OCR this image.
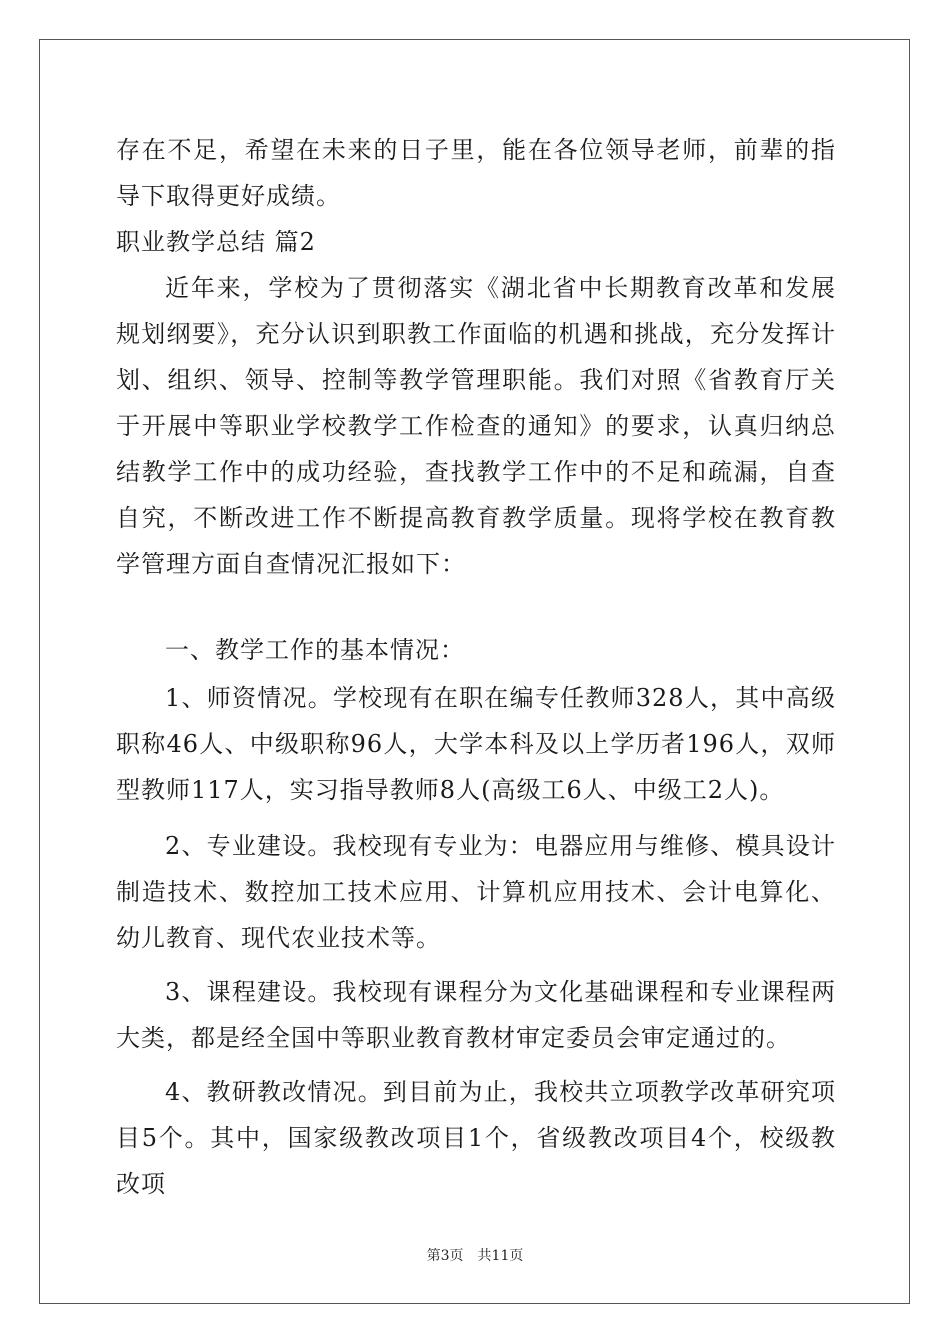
存在不足，希望在未来的日子里，能在各位领导老师，前辈的指导下取得更好成绩。

职业教学总结 篇2

近年来，学校为了贯彻落实《湖北省中长期教育改革和发展规划纲要》，充分认识到职教工作面临的机遇和挑战，充分发挥计划、组织、领导、控制等教学管理职能。我们对照《省教育厅关于开展中等职业学校教学工作检查的通知》的要求，认真归纳总结教学工作中的成功经验，查找教学工作中的不足和疏漏，自查自究，不断改进工作不断提高教育教学质量。现将学校在教育教学管理方面自查情况汇报如下：

一、教学工作的基本情况：

1、师资情况。学校现有在职在编专任教师328人，其中高级职称46人、中级职称96人，大学本科及以上学历者196人，双师型教师117人，实习指导教师8人(高级工6人、中级工2人)。

2、专业建设。我校现有专业为：电器应用与维修、模具设计制造技术、数控加工技术应用、计算机应用技术、会计电算化、幼儿教育、现代农业技术等。

3、课程建设。我校现有课程分为文化基础课程和专业课程两大类，都是经全国中等职业教育教材审定委员会审定通过的。

4、教研教改情况。到目前为止，我校共立项教学改革研究项目5个。其中，国家级教改项目1个，省级教改项目4个，校级教改项

第3页　共11页
